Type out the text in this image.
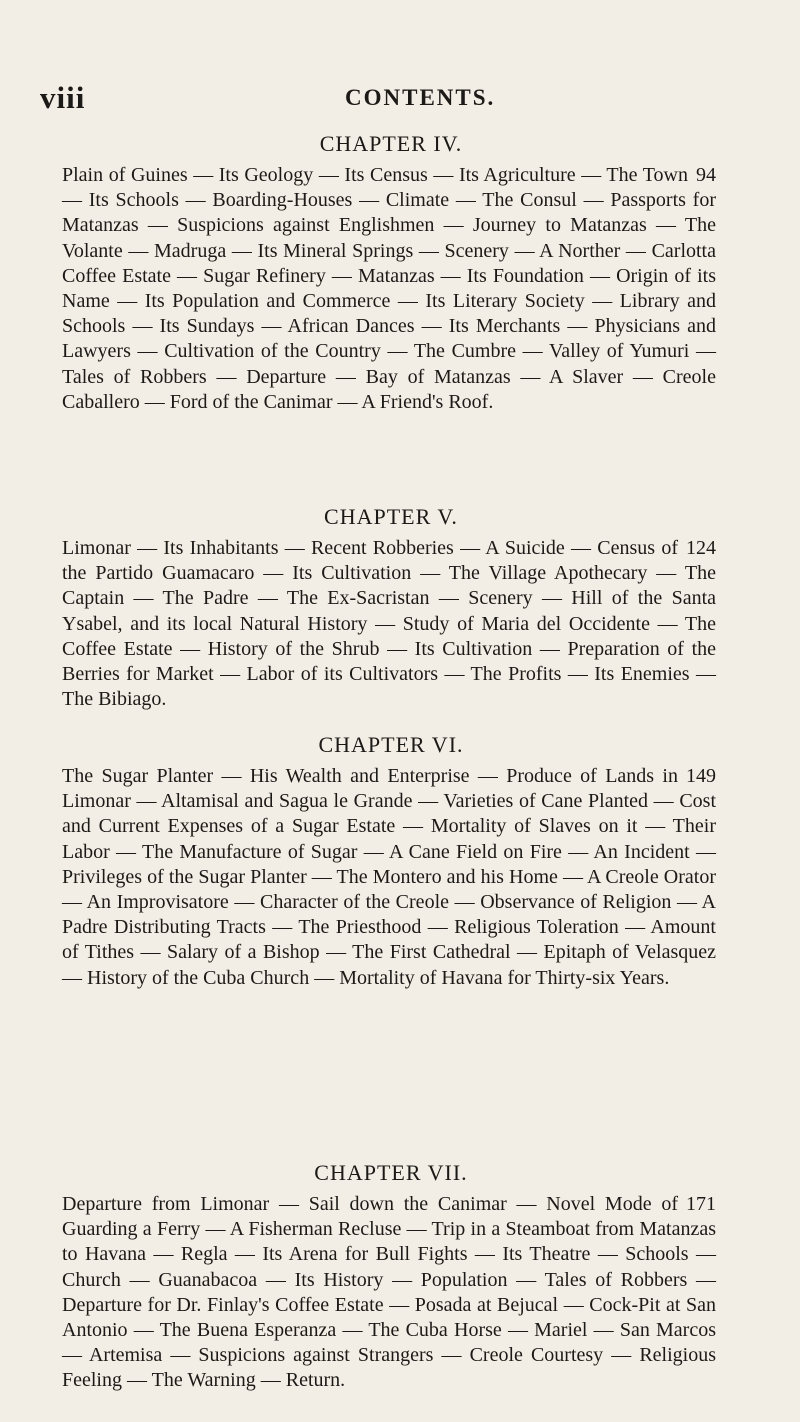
viii	CONTENTS.
CHAPTER IV.

94
Plain of Guines — Its Geology — Its Census — Its Agriculture — The Town — Its Schools — Boarding-Houses — Climate — The Consul — Passports for Matanzas — Suspicions against Englishmen — Journey to Matanzas — The Volante — Madruga — Its Mineral Springs — Scenery — A Norther — Carlotta Coffee Estate — Sugar Refinery — Matanzas — Its Foundation — Origin of its Name — Its Population and Commerce — Its Literary Society — Library and Schools — Its Sundays — African Dances — Its Merchants — Physicians and Lawyers — Cultivation of the Country — The Cumbre — Valley of Yumuri — Tales of Robbers — Departure — Bay of Matanzas — A Slaver — Creole Caballero — Ford of the Canimar — A Friend's Roof.

CHAPTER V.

124
Limonar — Its Inhabitants — Recent Robberies — A Suicide — Census of the Partido Guamacaro — Its Cultivation — The Village Apothecary — The Captain — The Padre — The Ex-Sacristan — Scenery — Hill of the Santa Ysabel, and its local Natural History — Study of Maria del Occidente — The Coffee Estate — History of the Shrub — Its Cultivation — Preparation of the Berries for Market — Labor of its Cultivators — The Profits — Its Enemies — The Bibiago.

CHAPTER VI.

149
The Sugar Planter — His Wealth and Enterprise — Produce of Lands in Limonar — Altamisal and Sagua le Grande — Varieties of Cane Planted — Cost and Current Expenses of a Sugar Estate — Mortality of Slaves on it — Their Labor — The Manufacture of Sugar — A Cane Field on Fire — An Incident — Privileges of the Sugar Planter — The Montero and his Home — A Creole Orator — An Improvisatore — Character of the Creole — Observance of Religion — A Padre Distributing Tracts — The Priesthood — Religious Toleration — Amount of Tithes — Salary of a Bishop — The First Cathedral — Epitaph of Velasquez — History of the Cuba Church — Mortality of Havana for Thirty-six Years.

CHAPTER VII.

171
Departure from Limonar — Sail down the Canimar — Novel Mode of Guarding a Ferry — A Fisherman Recluse — Trip in a Steamboat from Matanzas to Havana — Regla — Its Arena for Bull Fights — Its Theatre — Schools — Church — Guanabacoa — Its History — Population — Tales of Robbers — Departure for Dr. Finlay's Coffee Estate — Posada at Bejucal — Cock-Pit at San Antonio — The Buena Esperanza — The Cuba Horse — Mariel — San Marcos — Artemisa — Suspicions against Strangers — Creole Courtesy — Religious Feeling — The Warning — Return.
